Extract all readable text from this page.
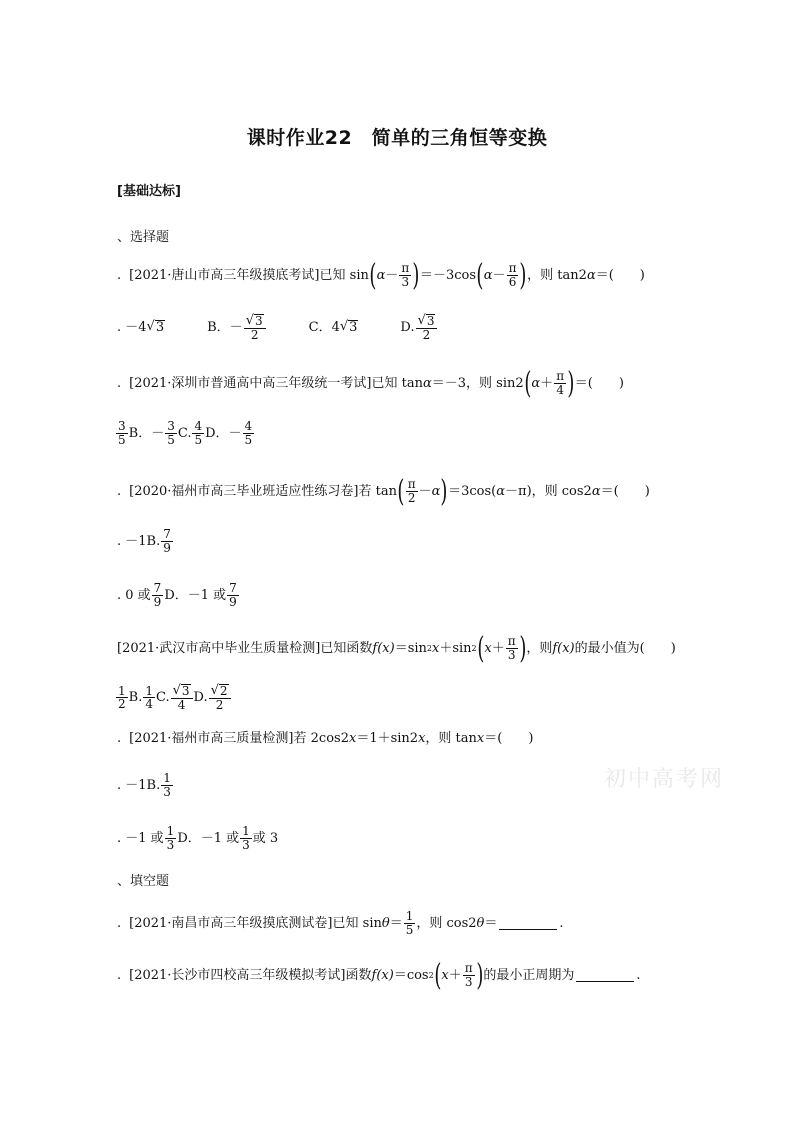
课时作业22　简单的三角恒等变换
[基础达标]
、选择题
. [2021·唐山市高三年级摸底考试] 已知 sin ( $\alpha - \frac{\pi}{3}$ ) ＝－3cos ( $\alpha - \frac{\pi}{6}$ ) ，则 tan2 α ＝(　　)
. －4 √ 3	B．－ $\frac{√ 3}{2}$	C．4 √ 3	D. $\frac{√ 3}{2}$
. [2021·深圳市普通高中高三年级统一考试] 已知 tan α ＝－3，则 sin2 ( $\alpha + \frac{\pi}{4}$ ) ＝(　　)
$\frac{3}{5}$ B．－ $\frac{3}{5} C$. $\frac{4}{5}$ D．－ $\frac{4}{5}$
. [2020·福州市高三毕业班适应性练习卷] 若 tan ( $\frac{\pi}{2} - \alpha$ ) ＝3cos( α －π)，则 cos2 α ＝(　　)
. －1B. $\frac{7}{9}$
. 0 或 $\frac{7}{9}$ D．－1 或 $\frac{7}{9}$
[2021·武汉市高中毕业生质量检测] 已知函数 f(x) ＝sin 2 x ＋sin 2 ( $x + \frac{\pi}{3}$ ) ，则 f(x) 的最小值为(　　)
$\frac{1}{2} B$. $\frac{1}{4} C$. $\frac{√ 3}{4} D$. $\frac{√ 2}{2}$
. [2021·福州市高三质量检测] 若 2cos2 x ＝1＋sin2 x ，则 tan x ＝(　　)
. －1B. $\frac{1}{3}$
. －1 或 $\frac{1}{3}$ D．－1 或 $\frac{1}{3}$ 或 3
、填空题
. [2021·南昌市高三年级摸底测试卷] 已知 $\sin \theta = \frac{1}{5}$ ，则 cos2 θ ＝	.
. [2021·长沙市四校高三年级模拟考试] 函数 f(x) ＝cos 2 ( $x + \frac{\pi}{3}$ ) 的最小正周期为	.
初中高考网
